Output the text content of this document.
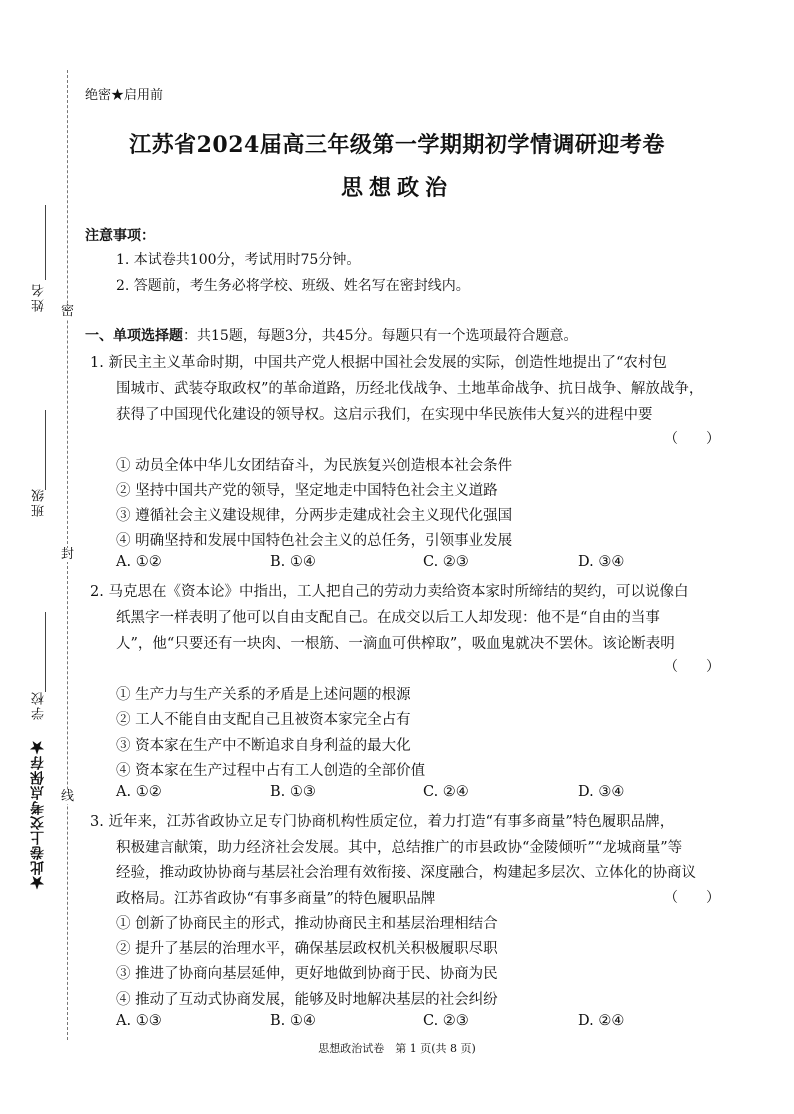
密
封
线
姓名
班级
学校
★此卷上交考点保存★
绝密★启用前
江苏省2024届高三年级第一学期期初学情调研迎考卷
思想政治
注意事项：
1. 本试卷共100分，考试用时75分钟。
2. 答题前，考生务必将学校、班级、姓名写在密封线内。
一、单项选择题：共15题，每题3分，共45分。每题只有一个选项最符合题意。
1. 新民主主义革命时期，中国共产党人根据中国社会发展的实际，创造性地提出了“农村包
围城市、武装夺取政权”的革命道路，历经北伐战争、土地革命战争、抗日战争、解放战争，
获得了中国现代化建设的领导权。这启示我们，在实现中华民族伟大复兴的进程中要
（　　）
① 动员全体中华儿女团结奋斗，为民族复兴创造根本社会条件
② 坚持中国共产党的领导，坚定地走中国特色社会主义道路
③ 遵循社会主义建设规律，分两步走建成社会主义现代化强国
④ 明确坚持和发展中国特色社会主义的总任务，引领事业发展
A. ①②	B. ①④	C. ②③	D. ③④
2. 马克思在《资本论》中指出，工人把自己的劳动力卖给资本家时所缔结的契约，可以说像白
纸黑字一样表明了他可以自由支配自己。在成交以后工人却发现：他不是“自由的当事
人”，他“只要还有一块肉、一根筋、一滴血可供榨取”，吸血鬼就决不罢休。该论断表明
（　　）
① 生产力与生产关系的矛盾是上述问题的根源
② 工人不能自由支配自己且被资本家完全占有
③ 资本家在生产中不断追求自身利益的最大化
④ 资本家在生产过程中占有工人创造的全部价值
A. ①②	B. ①③	C. ②④	D. ③④
3. 近年来，江苏省政协立足专门协商机构性质定位，着力打造“有事多商量”特色履职品牌，
积极建言献策，助力经济社会发展。其中，总结推广的市县政协“金陵倾听”“龙城商量”等
经验，推动政协协商与基层社会治理有效衔接、深度融合，构建起多层次、立体化的协商议
政格局。江苏省政协“有事多商量”的特色履职品牌	（　　）
① 创新了协商民主的形式，推动协商民主和基层治理相结合
② 提升了基层的治理水平，确保基层政权机关积极履职尽职
③ 推进了协商向基层延伸，更好地做到协商于民、协商为民
④ 推动了互动式协商发展，能够及时地解决基层的社会纠纷
A. ①③	B. ①④	C. ②③	D. ②④
思想政治试卷　第 1 页(共 8 页)
